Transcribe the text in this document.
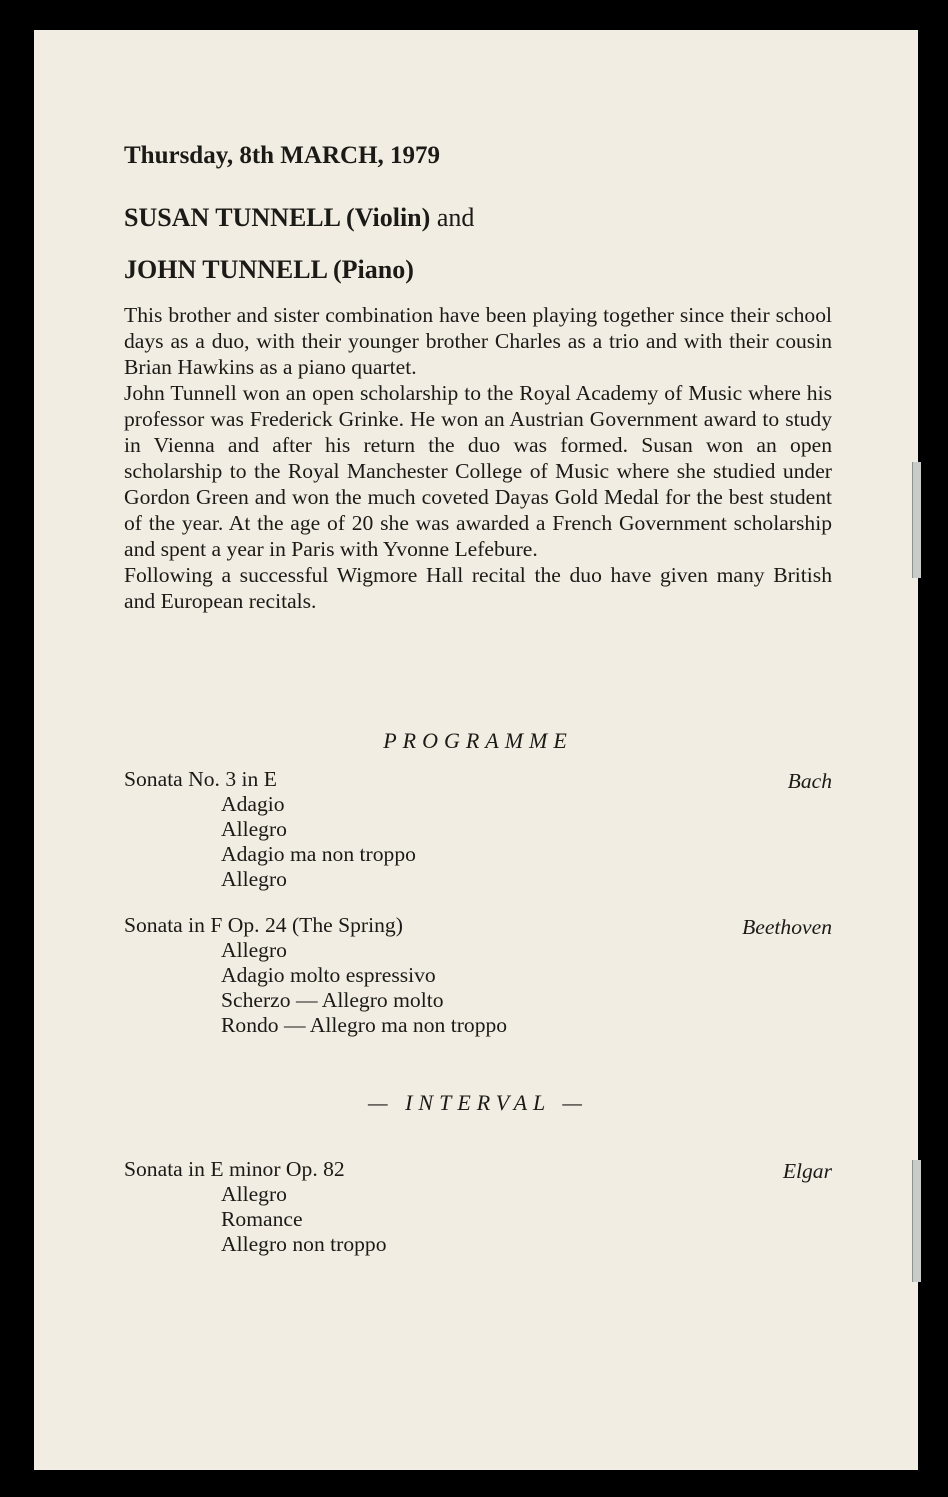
Thursday, 8th MARCH, 1979
SUSAN TUNNELL (Violin) and
JOHN TUNNELL (Piano)

This brother and sister combination have been playing together since their school days as a duo, with their younger brother Charles as a trio and with their cousin Brian Hawkins as a piano quartet.

John Tunnell won an open scholarship to the Royal Academy of Music where his professor was Frederick Grinke. He won an Austrian Government award to study in Vienna and after his return the duo was formed. Susan won an open scholarship to the Royal Manchester College of Music where she studied under Gordon Green and won the much coveted Dayas Gold Medal for the best student of the year. At the age of 20 she was awarded a French Government scholarship and spent a year in Paris with Yvonne Lefebure.

Following a successful Wigmore Hall recital the duo have given many British and European recitals.

PROGRAMME
Sonata No. 3 in E	Bach
Adagio
Allegro
Adagio ma non troppo
Allegro
Sonata in F Op. 24 (The Spring)	Beethoven
Allegro
Adagio molto espressivo
Scherzo — Allegro molto
Rondo — Allegro ma non troppo
— INTERVAL —
Sonata in E minor Op. 82	Elgar
Allegro
Romance
Allegro non troppo
